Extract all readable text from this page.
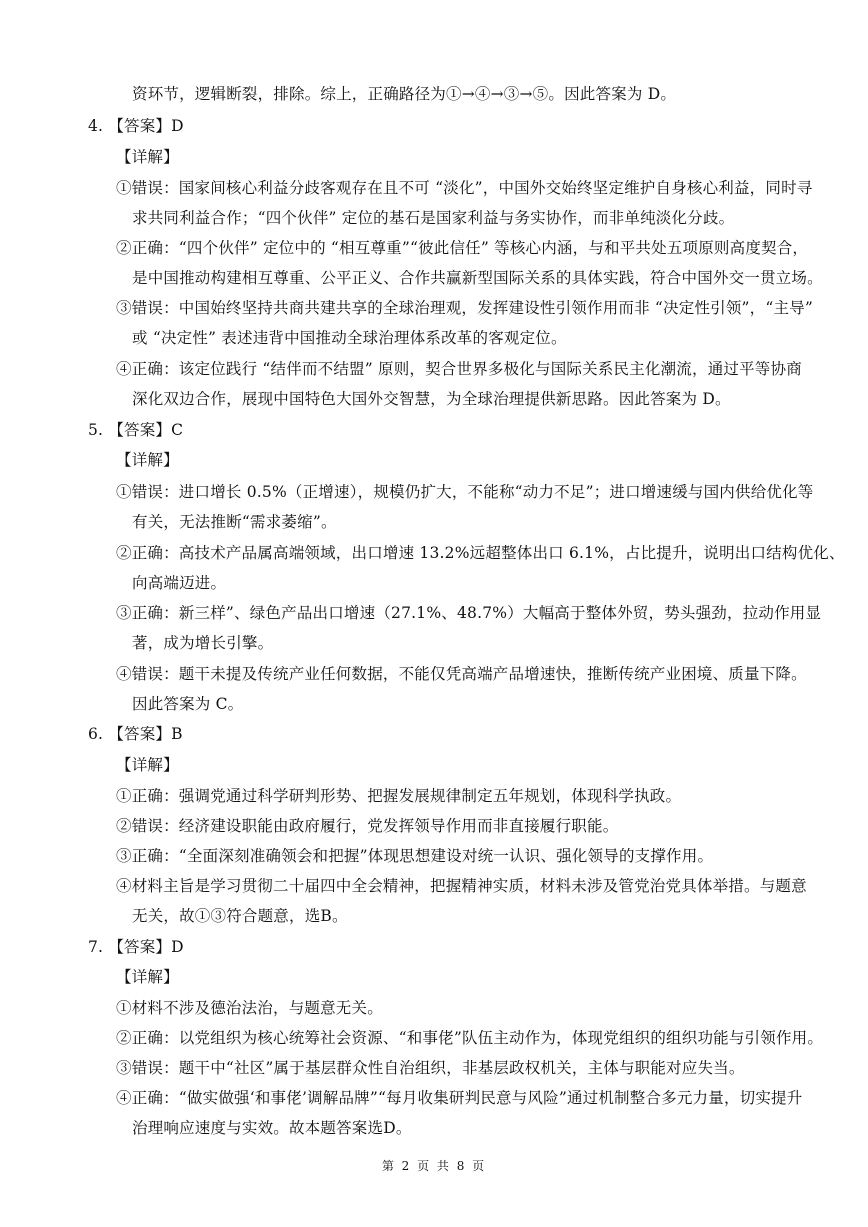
资环节，逻辑断裂，排除。综上，正确路径为①→④→③→⑤。因此答案为 D。
4. 【答案】D
【详解】
①错误：国家间核心利益分歧客观存在且不可 “淡化”，中国外交始终坚定维护自身核心利益，同时寻
求共同利益合作；“四个伙伴” 定位的基石是国家利益与务实协作，而非单纯淡化分歧。
②正确：“四个伙伴” 定位中的 “相互尊重”“彼此信任” 等核心内涵，与和平共处五项原则高度契合，
是中国推动构建相互尊重、公平正义、合作共赢新型国际关系的具体实践，符合中国外交一贯立场。
③错误：中国始终坚持共商共建共享的全球治理观，发挥建设性引领作用而非 “决定性引领”，“主导”
或 “决定性” 表述违背中国推动全球治理体系改革的客观定位。
④正确：该定位践行 “结伴而不结盟” 原则，契合世界多极化与国际关系民主化潮流，通过平等协商
深化双边合作，展现中国特色大国外交智慧，为全球治理提供新思路。因此答案为 D。
5. 【答案】C
【详解】
①错误：进口增长 0.5%（正增速），规模仍扩大，不能称“动力不足”；进口增速缓与国内供给优化等
有关，无法推断“需求萎缩”。
②正确：高技术产品属高端领域，出口增速 13.2%远超整体出口 6.1%，占比提升，说明出口结构优化、
向高端迈进。
③正确：新三样”、绿色产品出口增速（27.1%、48.7%）大幅高于整体外贸，势头强劲，拉动作用显
著，成为增长引擎。
④错误：题干未提及传统产业任何数据，不能仅凭高端产品增速快，推断传统产业困境、质量下降。
因此答案为 C。
6. 【答案】B
【详解】
①正确：强调党通过科学研判形势、把握发展规律制定五年规划，体现科学执政。
②错误：经济建设职能由政府履行，党发挥领导作用而非直接履行职能。
③正确：“全面深刻准确领会和把握”体现思想建设对统一认识、强化领导的支撑作用。
④材料主旨是学习贯彻二十届四中全会精神，把握精神实质，材料未涉及管党治党具体举措。与题意
无关，故①③符合题意，选B。
7. 【答案】D
【详解】
①材料不涉及德治法治，与题意无关。
②正确：以党组织为核心统筹社会资源、“和事佬”队伍主动作为，体现党组织的组织功能与引领作用。
③错误：题干中“社区”属于基层群众性自治组织，非基层政权机关，主体与职能对应失当。
④正确：“做实做强‘和事佬’调解品牌”“每月收集研判民意与风险”通过机制整合多元力量，切实提升
治理响应速度与实效。故本题答案选D。
第 2 页 共 8 页
